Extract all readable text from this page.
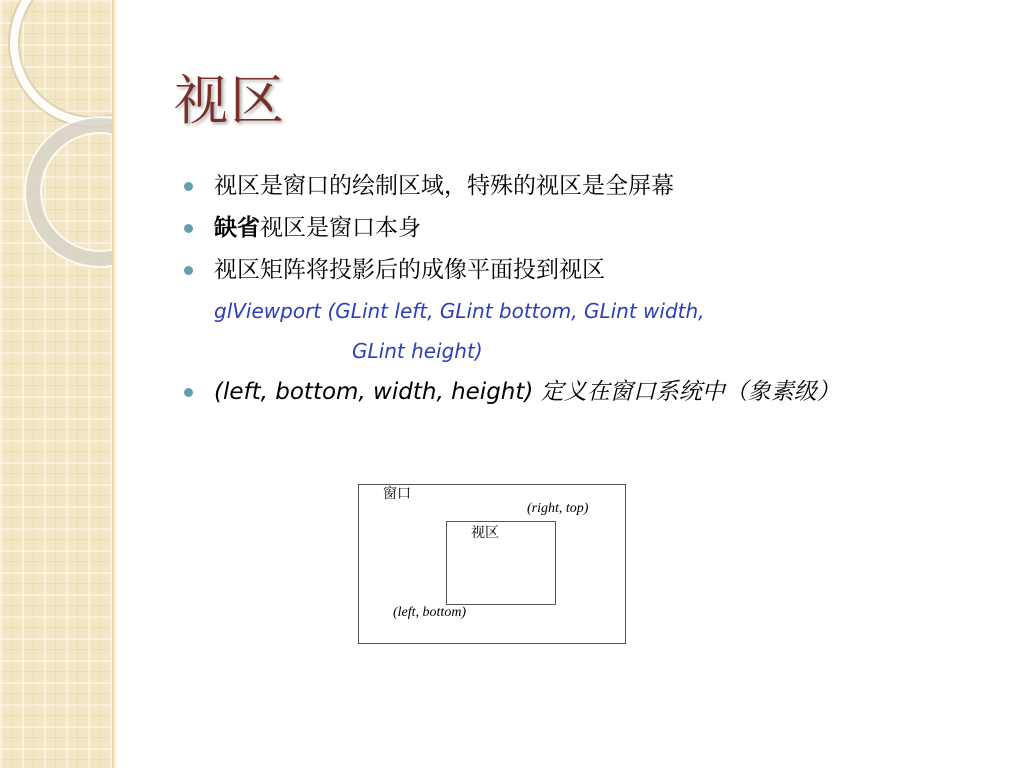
视区
视区是窗口的绘制区域，特殊的视区是全屏幕
缺省视区是窗口本身
视区矩阵将投影后的成像平面投到视区
glViewport (GLint left, GLint bottom, GLint width,
GLint height)
(left, bottom, width, height) 定义在窗口系统中（象素级）
窗口
(right, top)
视区
(left, bottom)
